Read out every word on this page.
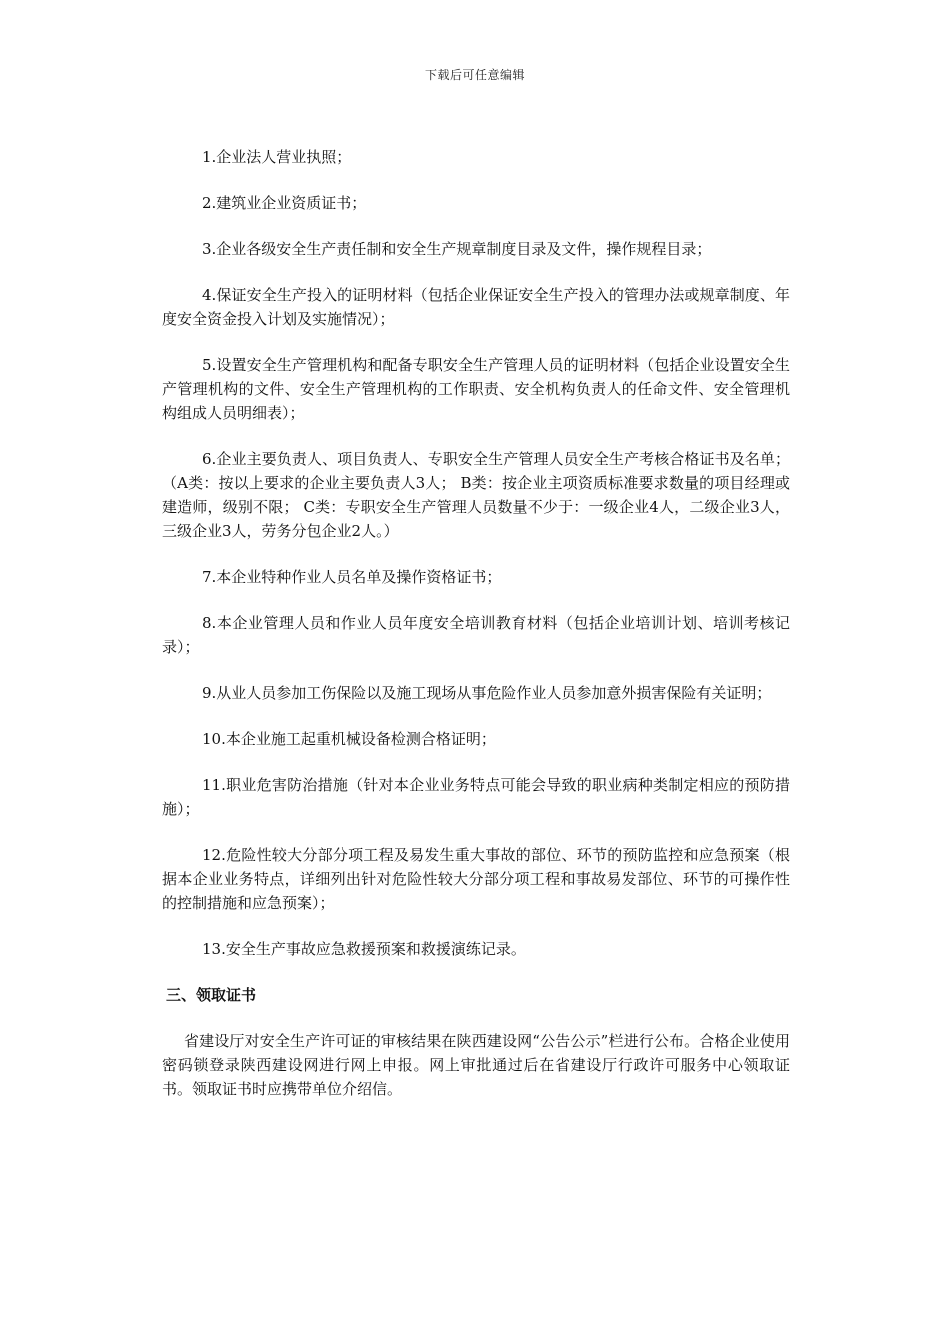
下载后可任意编辑

1.企业法人营业执照；

2.建筑业企业资质证书；

3.企业各级安全生产责任制和安全生产规章制度目录及文件，操作规程目录；

4.保证安全生产投入的证明材料（包括企业保证安全生产投入的管理办法或规章制度、年度安全资金投入计划及实施情况）；

5.设置安全生产管理机构和配备专职安全生产管理人员的证明材料（包括企业设置安全生产管理机构的文件、安全生产管理机构的工作职责、安全机构负责人的任命文件、安全管理机构组成人员明细表）；

6.企业主要负责人、项目负责人、专职安全生产管理人员安全生产考核合格证书及名单；（A类：按以上要求的企业主要负责人3人； B类：按企业主项资质标准要求数量的项目经理或建造师，级别不限； C类：专职安全生产管理人员数量不少于：一级企业4人，二级企业3人，三级企业3人，劳务分包企业2人。）

7.本企业特种作业人员名单及操作资格证书；

8.本企业管理人员和作业人员年度安全培训教育材料（包括企业培训计划、培训考核记录）；

9.从业人员参加工伤保险以及施工现场从事危险作业人员参加意外损害保险有关证明；

10.本企业施工起重机械设备检测合格证明；

11.职业危害防治措施（针对本企业业务特点可能会导致的职业病种类制定相应的预防措施）；

12.危险性较大分部分项工程及易发生重大事故的部位、环节的预防监控和应急预案（根据本企业业务特点，详细列出针对危险性较大分部分项工程和事故易发部位、环节的可操作性的控制措施和应急预案）；

13.安全生产事故应急救援预案和救援演练记录。

三、领取证书

省建设厅对安全生产许可证的审核结果在陕西建设网“公告公示”栏进行公布。合格企业使用密码锁登录陕西建设网进行网上申报。网上审批通过后在省建设厅行政许可服务中心领取证书。领取证书时应携带单位介绍信。
